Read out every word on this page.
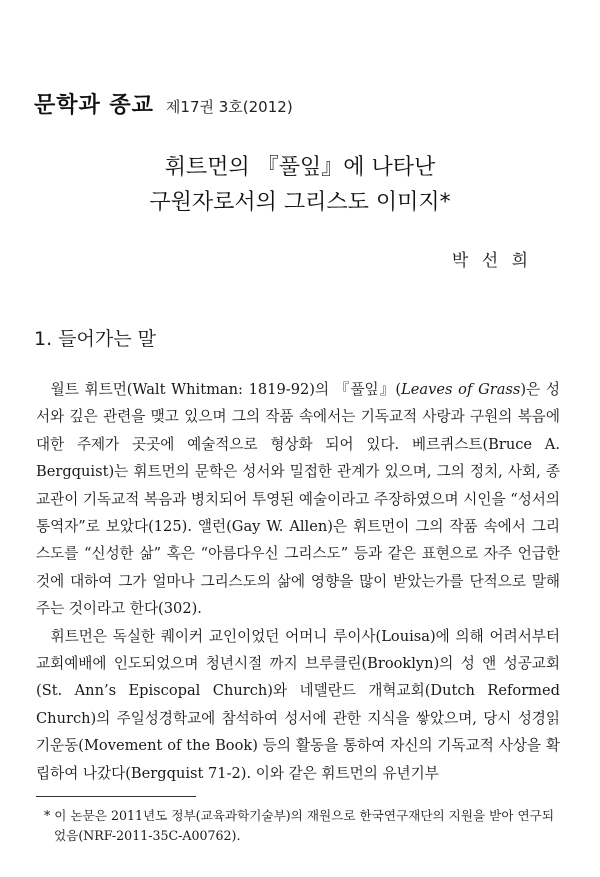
문학과 종교 제17권 3호(2012)
휘트먼의 『풀잎』에 나타난
구원자로서의 그리스도 이미지*
박 선 희
1. 들어가는 말

월트 휘트먼(Walt Whitman: 1819-92)의 『풀잎』(Leaves of Grass)은 성서와 깊은 관련을 맺고 있으며 그의 작품 속에서는 기독교적 사랑과 구원의 복음에 대한 주제가 곳곳에 예술적으로 형상화 되어 있다. 베르퀴스트(Bruce A. Bergquist)는 휘트먼의 문학은 성서와 밀접한 관계가 있으며, 그의 정치, 사회, 종교관이 기독교적 복음과 병치되어 투영된 예술이라고 주장하였으며 시인을 “성서의 통역자”로 보았다(125). 앨런(Gay W. Allen)은 휘트먼이 그의 작품 속에서 그리스도를 “신성한 삶” 혹은 “아름다우신 그리스도” 등과 같은 표현으로 자주 언급한 것에 대하여 그가 얼마나 그리스도의 삶에 영향을 많이 받았는가를 단적으로 말해 주는 것이라고 한다(302).

휘트먼은 독실한 퀘이커 교인이었던 어머니 루이사(Louisa)에 의해 어려서부터 교회예배에 인도되었으며 청년시절 까지 브루클린(Brooklyn)의 성 앤 성공교회(St. Ann’s Episcopal Church)와 네델란드 개혁교회(Dutch Reformed Church)의 주일성경학교에 참석하여 성서에 관한 지식을 쌓았으며, 당시 성경읽기운동(Movement of the Book) 등의 활동을 통하여 자신의 기독교적 사상을 확립하여 나갔다(Bergquist 71-2). 이와 같은 휘트먼의 유년기부

* 이 논문은 2011년도 정부(교육과학기술부)의 재원으로 한국연구재단의 지원을 받아 연구되었음(NRF-2011-35C-A00762).
